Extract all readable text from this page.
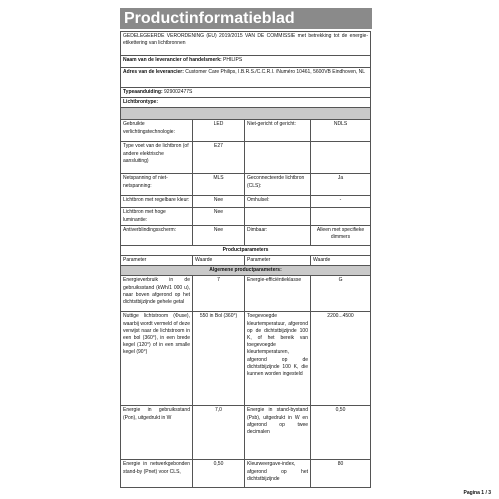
Productinformatieblad
GEDELEGEERDE VERORDENING (EU) 2019/2015 VAN DE COMMISSIE met betrekking tot de energie-etikettering van lichtbronnen			
Naam van de leverancier of handelsmerk: PHILIPS			
Adres van de leverancier: Customer Care Philips, I.B.R.S./C.C.R.I. /Numéro 10461, 5600VB Eindhoven, NL			
Typeaanduiding: 929002477S			
Lichtbrontype:			

Gebruikte verlichtingstechnologie:	LED	Niet-gericht of gericht:	NDLS
Type voet van de lichtbron (of andere elektrische aansluiting)	E27		
Netspanning of niet-netspanning:	MLS	Geconnecteerde lichtbron (CLS):	Ja
Lichtbron met regelbare kleur:	Nee	Omhulsel:	-
Lichtbron met hoge luminantie:	Nee		
Antiverblindingsscherm:	Nee	Dimbaar:	Alleen met specifieke dimmers
Productparameters			
Parameter	Waarde	Parameter	Waarde
Algemene productparameters:			
Energieverbruik in de gebruiksstand (kWh/1 000 u), naar boven afgerond op het dichtstbijzijnde gehele getal	7	Energie-efficiëntieklasse	G
Nuttige lichtstroom (Φuse), waarbij wordt vermeld of deze verwijst naar de lichtstroom in een bol (360°), in een brede kegel (120°) of in een smalle kegel (90°)	550 in Bol (360°)	Toegevoegde kleurtemperatuur, afgerond op de dichtstbijzijnde 100 K, of het bereik van toegevoegde kleurtemperaturen, afgerond op de dichtstbijzijnde 100 K, die kunnen worden ingesteld	2200...4500
Energie in gebruiksstand (Pon), uitgedrukt in W	7,0	Energie in stand-bystand (Psb), uitgedrukt in W en afgerond op twee decimalen	0,50
Energie in netwerkgebonden stand-by (Pnet) voor CLS,	0,50	Kleurweergave-index, afgerond op het dichtstbijzijnde	80
Pagina 1 / 3
